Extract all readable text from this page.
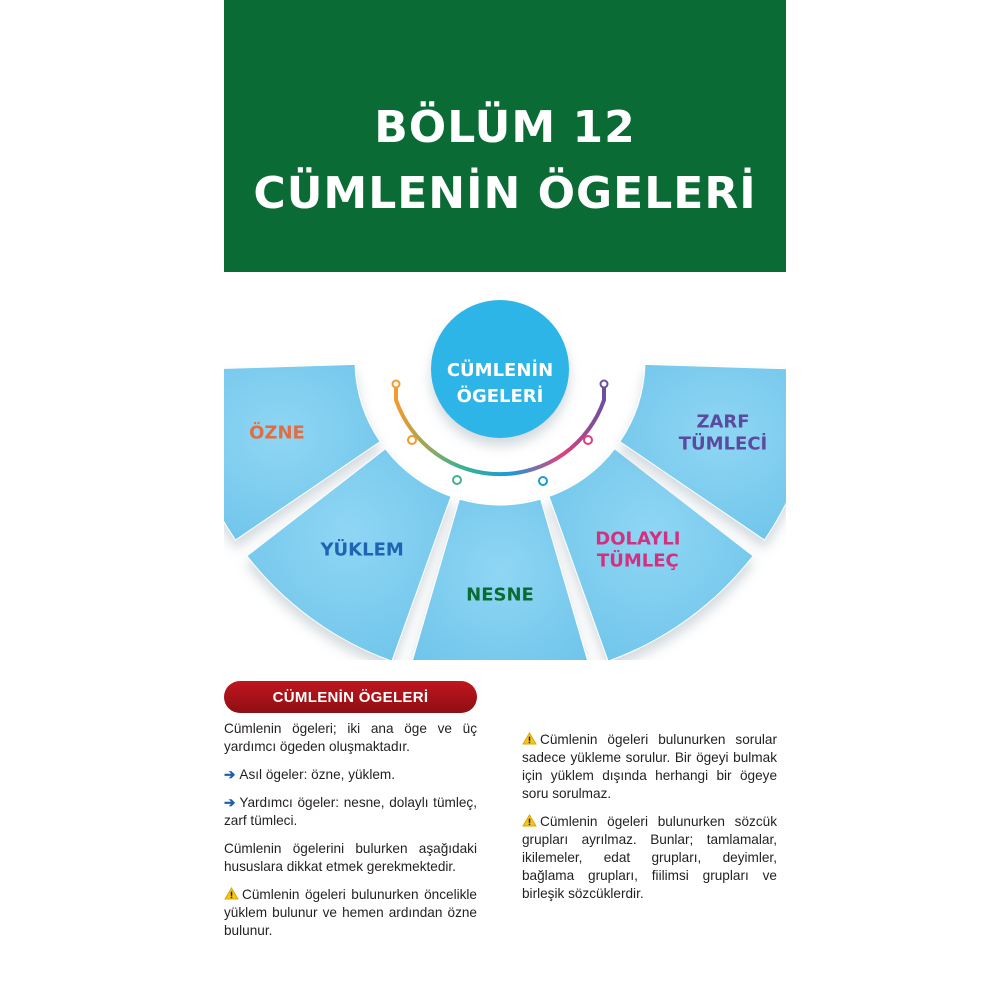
BÖLÜM 12
CÜMLENİN ÖGELERİ
ÖZNE
YÜKLEM
NESNE
DOLAYLI
TÜMLEÇ
ZARF
TÜMLECİ
CÜMLENİN
ÖGELERİ
CÜMLENİN ÖGELERİ

Cümlenin ögeleri; iki ana öge ve üç yardımcı ögeden oluşmaktadır.

➔ Asıl ögeler: özne, yüklem.

➔ Yardımcı ögeler: nesne, dolaylı tümleç, zarf tümleci.

Cümlenin ögelerini bulurken aşağıdaki hususlara dikkat etmek gerekmektedir.

Cümlenin ögeleri bulunurken öncelikle yüklem bulunur ve hemen ardından özne bulunur.

Cümlenin ögeleri bulunurken sorular sadece yükleme sorulur. Bir ögeyi bulmak için yüklem dışında herhangi bir ögeye soru sorulmaz.

Cümlenin ögeleri bulunurken sözcük grupları ayrılmaz. Bunlar; tamlamalar, ikilemeler, edat grupları, deyimler, bağlama grupları, fiilimsi grupları ve birleşik sözcüklerdir.
